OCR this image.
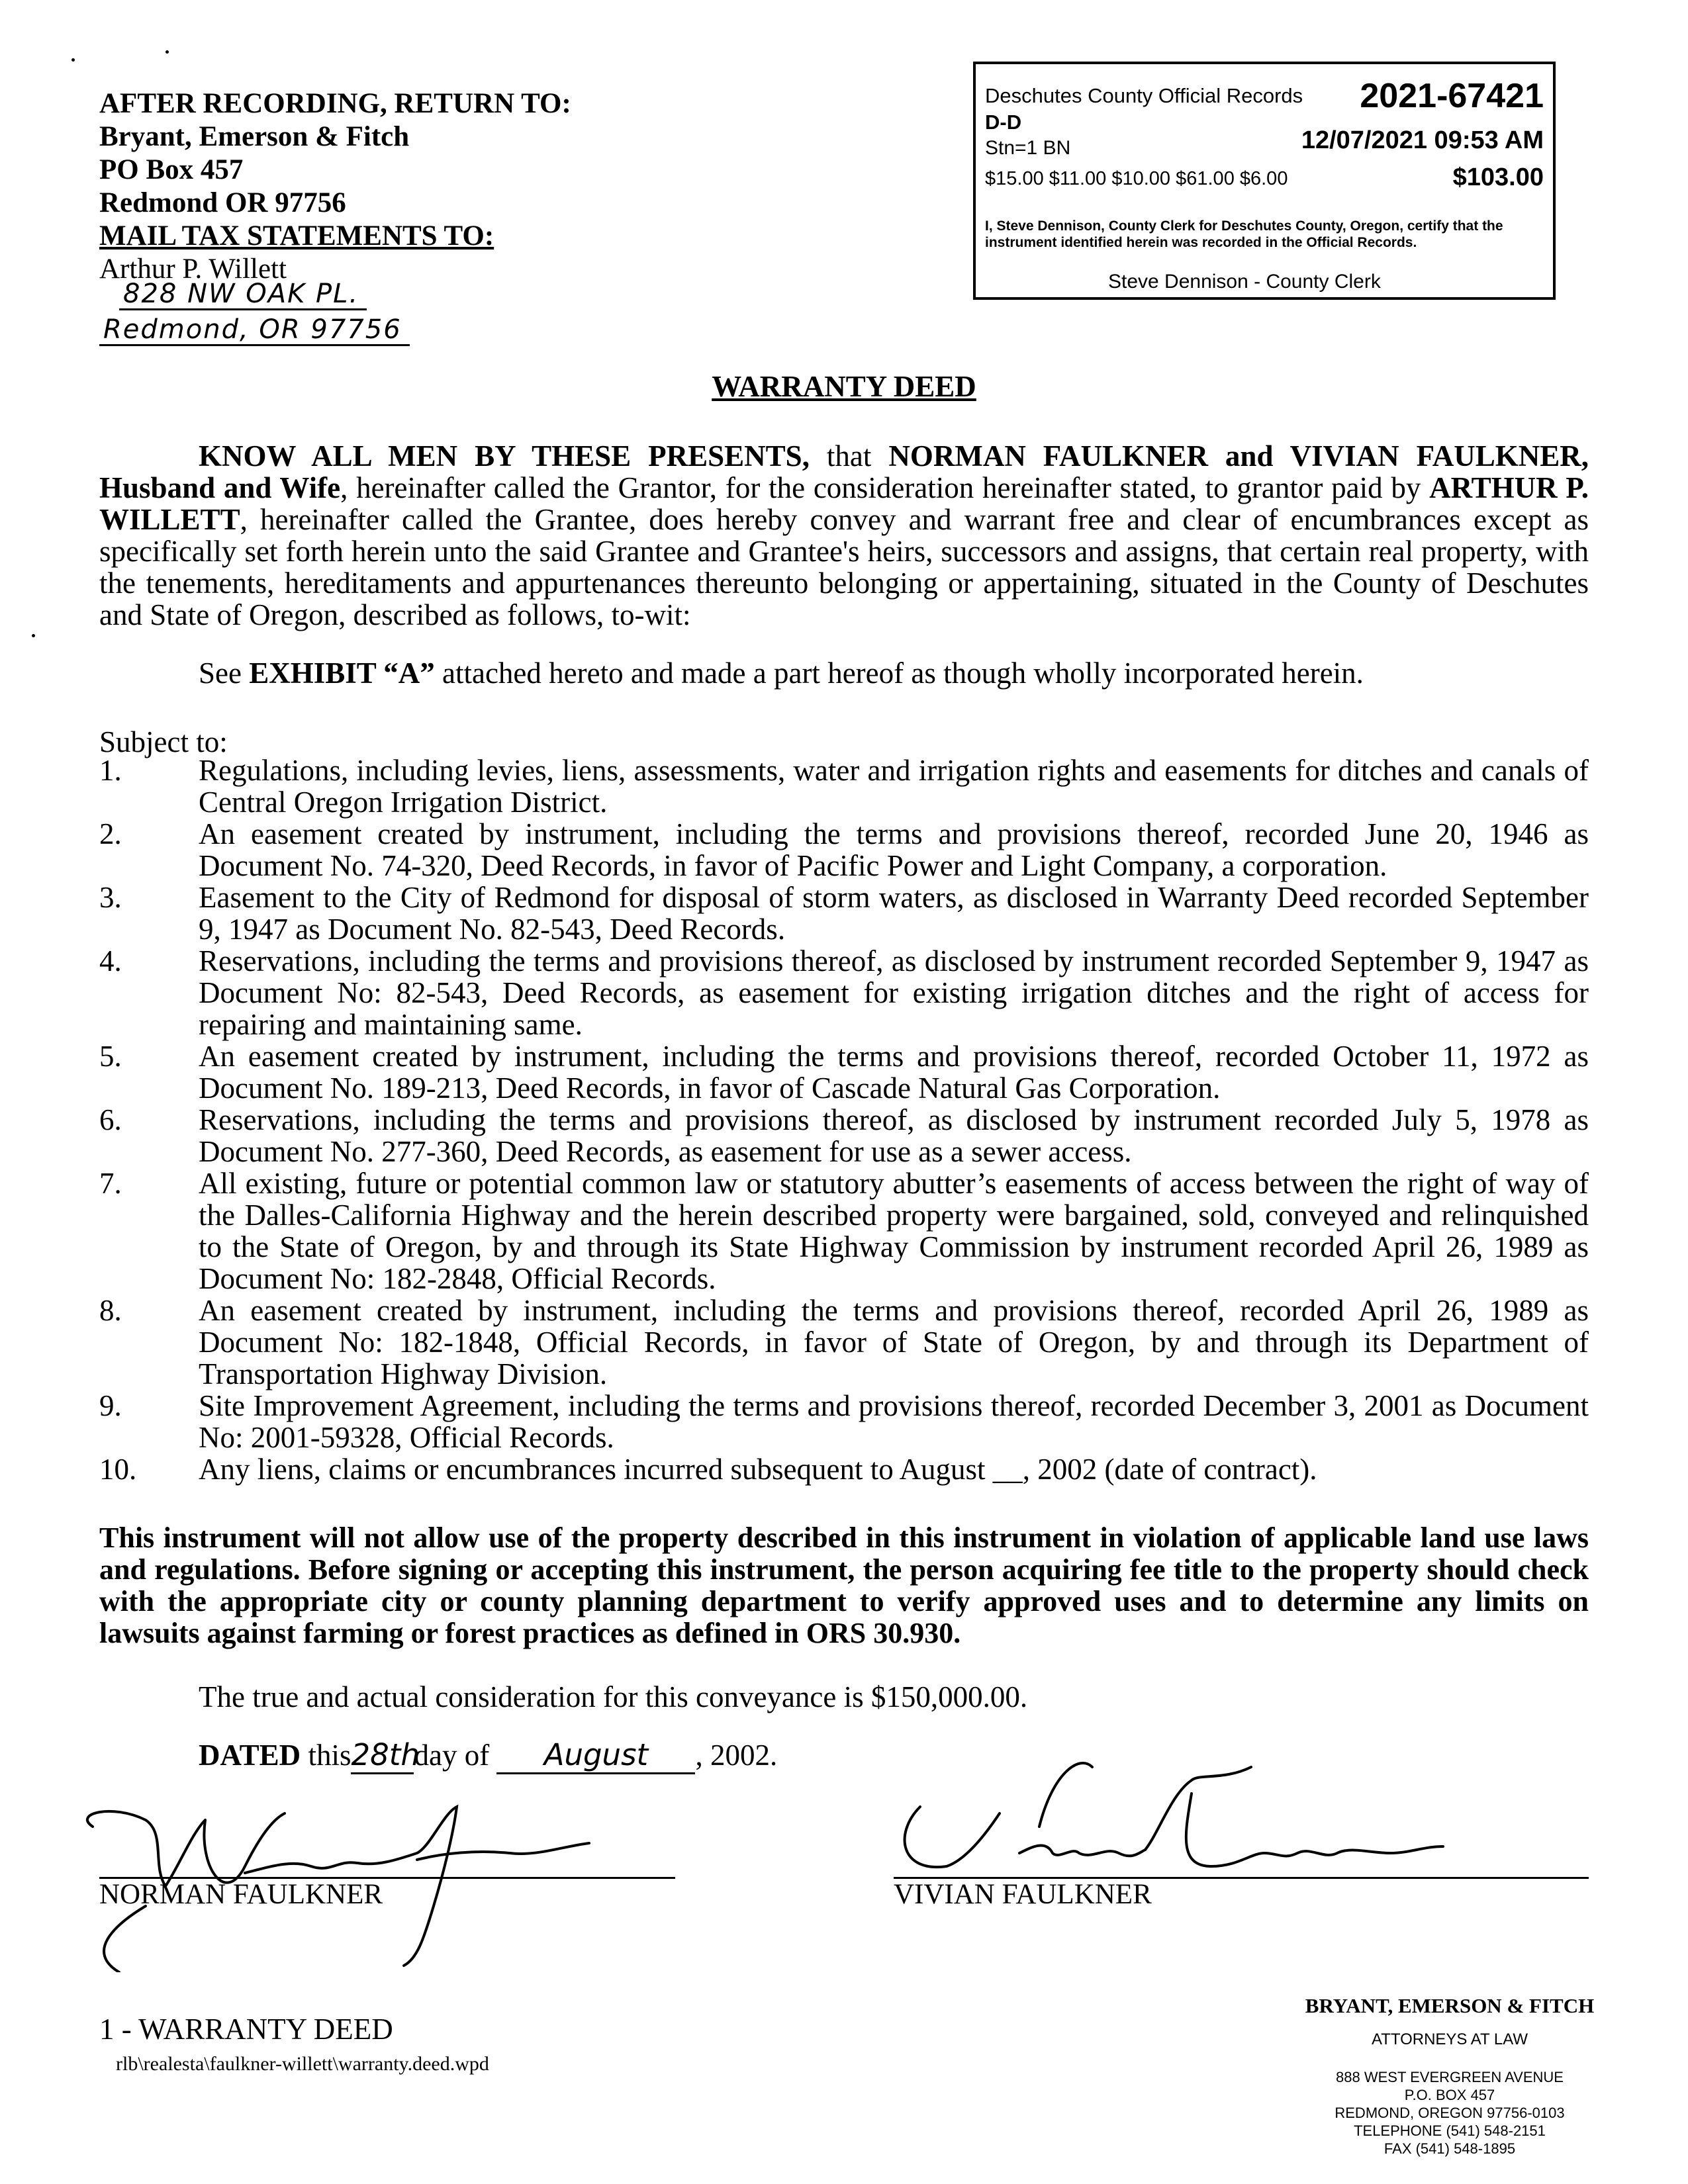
AFTER RECORDING, RETURN TO:
Bryant, Emerson & Fitch
PO Box 457
Redmond OR 97756
MAIL TAX STATEMENTS TO:
Arthur P. Willett
828 NW OAK PL.
Redmond, OR 97756
Deschutes County Official Records 2021-67421
D-D
Stn=1 BN	12/07/2021 09:53 AM
$15.00 $11.00 $10.00 $61.00 $6.00	$103.00
I, Steve Dennison, County Clerk for Deschutes County, Oregon, certify that the instrument identified herein was recorded in the Official Records.
Steve Dennison - County Clerk
WARRANTY DEED
KNOW ALL MEN BY THESE PRESENTS, that NORMAN FAULKNER and VIVIAN FAULKNER, Husband and Wife, hereinafter called the Grantor, for the consideration hereinafter stated, to grantor paid by ARTHUR P. WILLETT, hereinafter called the Grantee, does hereby convey and warrant free and clear of encumbrances except as specifically set forth herein unto the said Grantee and Grantee's heirs, successors and assigns, that certain real property, with the tenements, hereditaments and appurtenances thereunto belonging or appertaining, situated in the County of Deschutes and State of Oregon, described as follows, to-wit:
See EXHIBIT “A” attached hereto and made a part hereof as though wholly incorporated herein.
Subject to:
1.	Regulations, including levies, liens, assessments, water and irrigation rights and easements for ditches and canals of Central Oregon Irrigation District.
2.	An easement created by instrument, including the terms and provisions thereof, recorded June 20, 1946 as Document No. 74-320, Deed Records, in favor of Pacific Power and Light Company, a corporation.
3.	Easement to the City of Redmond for disposal of storm waters, as disclosed in Warranty Deed recorded September 9, 1947 as Document No. 82-543, Deed Records.
4.	Reservations, including the terms and provisions thereof, as disclosed by instrument recorded September 9, 1947 as Document No: 82-543, Deed Records, as easement for existing irrigation ditches and the right of access for repairing and maintaining same.
5.	An easement created by instrument, including the terms and provisions thereof, recorded October 11, 1972 as Document No. 189-213, Deed Records, in favor of Cascade Natural Gas Corporation.
6.	Reservations, including the terms and provisions thereof, as disclosed by instrument recorded July 5, 1978 as Document No. 277-360, Deed Records, as easement for use as a sewer access.
7.	All existing, future or potential common law or statutory abutter’s easements of access between the right of way of the Dalles-California Highway and the herein described property were bargained, sold, conveyed and relinquished to the State of Oregon, by and through its State Highway Commission by instrument recorded April 26, 1989 as Document No: 182-2848, Official Records.
8.	An easement created by instrument, including the terms and provisions thereof, recorded April 26, 1989 as Document No: 182-1848, Official Records, in favor of State of Oregon, by and through its Department of Transportation Highway Division.
9.	Site Improvement Agreement, including the terms and provisions thereof, recorded December 3, 2001 as Document No: 2001-59328, Official Records.
10.	Any liens, claims or encumbrances incurred subsequent to August __, 2002 (date of contract).
This instrument will not allow use of the property described in this instrument in violation of applicable land use laws and regulations. Before signing or accepting this instrument, the person acquiring fee title to the property should check with the appropriate city or county planning department to verify approved uses and to determine any limits on lawsuits against farming or forest practices as defined in ORS 30.930.
The true and actual consideration for this conveyance is $150,000.00.
DATED this28thday of August , 2002.
NORMAN FAULKNER	VIVIAN FAULKNER
1 - WARRANTY DEED
rlb\realesta\faulkner-willett\warranty.deed.wpd
BRYANT, EMERSON & FITCH
ATTORNEYS AT LAW
888 WEST EVERGREEN AVENUE
P.O. BOX 457
REDMOND, OREGON 97756-0103
TELEPHONE (541) 548-2151
FAX (541) 548-1895
